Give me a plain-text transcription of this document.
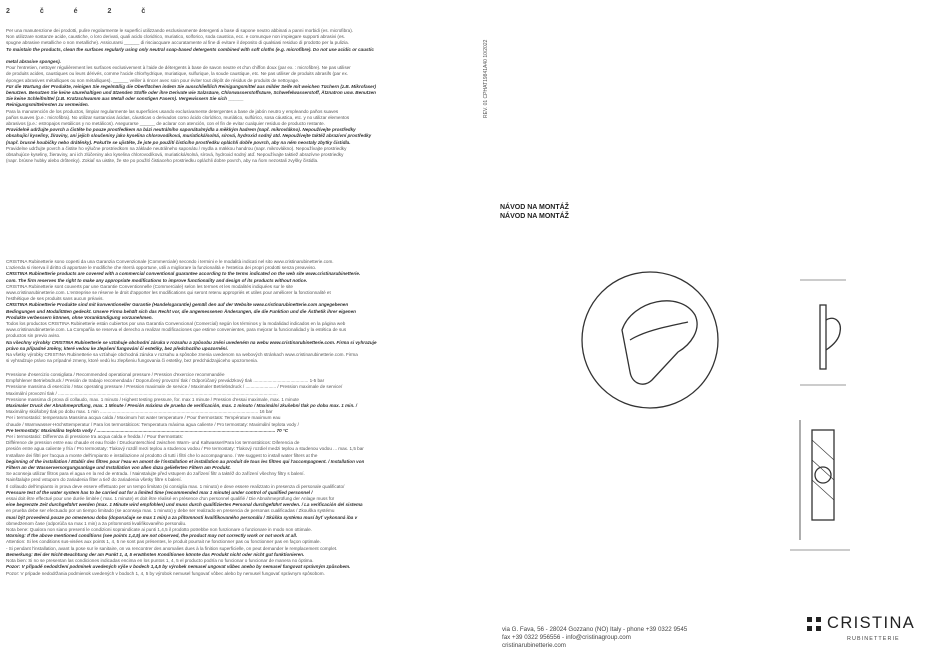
2 č é 2 č

Per una manutenzione dei prodotti, pulire regolarmente le superfici utilizzando esclusivamente detergenti a base di sapone neutro abbinati a panni morbidi (es. microfibra).

Non utilizzare sostanze acide, caustiche, o loro derivati, quali acido cloridrico, muriatico, solforico, soda caustica, ecc. e comunque non impiegare supporti abrasivi (es.

spugne abrasive metalliche o non metalliche). Assicurarsi ______ di risciacquare accuratamente al fine di evitare il deposito di qualsiasi residuo di prodotto per la pulizia.

To maintain the products, clean the surfaces regularly using only neutral soap-based detergents combined with soft cloths (e.g. microfibre). Do not use acidic or caustic

metal abrasive sponges).

Pour l'entretien, nettoyer régulièrement les surfaces exclusivement à l'aide de détergents à base de savon neutre et d'un chiffon doux (par ex. : microfibre). Ne pas utiliser

de produits acides, caustiques ou leurs dérivés, comme l'acide chlorhydrique, muriatique, sulfurique, la soude caustique, etc. Ne pas utiliser de produits abrasifs (par ex.

éponges abrasives métalliques ou non métalliques). ______ veiller à rincer avec soin pour éviter tout dépôt de résidus de produits de nettoyage.

Für die Wartung der Produkte, reinigen Sie regelmäßig die Oberflächen indem Sie ausschließlich Reinigungsmittel aus milder Seife mit weichen Tüchern (z.B. Mikrofaser)

benutzen. Benutzen Sie keine säurehaltigen und ätzenden Stoffe oder ihre Derivate wie Salzsäure, Chlorwasserstoffsäure, Schwefelwasserstoff, Ätznatron usw. Benutzen

Sie keine Schleifmittel (z.B. Kratzschwamm aus Metall oder sonstigen Fasern). Vergewissern Sie sich ______

Reinigungsmittelresten zu vermeiden.

Para la manutención de los productos, limpiar regularmente las superficies usando exclusivamente detergentes a base de jabón neutro y empleando paños suaves

paños suaves (p.e.: microfibra). No utilizar sustancias ácidas, cáusticas o derivados como ácido clorídrico, muriático, sulfúrico, sosa cáustica, etc. y no utilizar elementos

abrasivos (p.e.: estropajos metálicos y no metálicos). Asegurarse ______ de aclarar con atención, con el fin de evitar cualquier residuo de producto restante.

Pravidelně udržujte povrch a čistěte ho pouze prostředkem na bázi neutrálního saponátu/mýdla a měkkým hadrem (např. mikrovlákno). Nepoužívejte prostředky

obsahující kyseliny, žíraviny, ani jejich sloučeniny jako kyselina chlorovodíková, muriatická/solná, sírová, hydroxid sodný atd. Nepoužívejte taktéž abrazivní prostředky

(např. brusné houbičky nebo drátěnky). Pokuťte se ujistěte, že jste po použití čisticího prostředku opláchli dobře povrch, aby na něm neostaly zbytky čistidla.

Pravidelne udržujte povrch a čistite ho výlučne prostriedkom na základe neutrálneho saponátu / mydla a mäkkou handrou (napr. mikrovlákno). Nepoužívajte prostriedky

obsahujúce kyseliny, žieraviny, ani ich zlúčeniny ako kyselina chlorovodíková, muriatická/solná, sírová, hydroxid sodný atď. Nepoužívajte taktiež abrazívne prostriedky

(napr. brúsne hubky alebo drôtenky). Zokiaľ sa uistite, že ste po použití čistiaceho prostriedku opláchli dobre povrch, aby na ňom nezostali zvyšky čistidla.

CRISTINA Rubinetterie sono coperti da una Garanzia Convenzionale (Commerciale) secondo i termini e le modalità indicati nel sito www.cristinarubinetterie.com.

L'azienda si riserva il diritto di apportare le modifiche che riterrà opportune, utili a migliorare la funzionalità e l'estetica dei propri prodotti senza preavviso.

CRISTINA Rubinetterie products are covered with a commercial conventional guarantee according to the terms indicated on the web site www.cristinarubinetterie.

com. The firm reserves the right to make any appropriate modifications to improve functionality and design of its products without notice.

CRISTINA Rubinetterie sont couverts par une Garantie Conventionnelle (Commerciale) selon les termes et les modalités indiquées sur le site

www.cristinarubinetterie.com. L'entreprise se réserve le droit d'apporter les modifications qui seront retenu appropriés et utiles pour améliorer la fonctionnalité et

l'esthétique de ses produits sans aucun préavis.

CRISTINA Rubinetterie Produkte sind mit konventioneller Garantie (Handelsgarantie) gemäß den auf der Website www.cristinarubinetterie.com angegebenen

Bedingungen und Modalitäten gedeckt. Unsere Firma behält sich das Recht vor, die angemessenen Änderungen, die die Funktion und die Ästhetik ihrer eigenen

Produkte verbessern können, ohne Vorankündigung vorzunehmen.

Todos los productos CRISTINA Rubinetterie están cubiertos por una Garantía Convencional (Comercial) según los términos y la modalidad indicados en la página web

www.cristinarubinetterie.com. La Compañía se reserva el derecho a realizar modificaciones que estime convenientes, para mejorar la funcionalidad y la estética de sus

productos sin previo aviso.

Na všechny výrobky CRISTINA Rubinetterie se vztahuje obchodní záruka v rozsahu a způsobu zněni uvedeném na webu www.cristinarubinetterie.com. Firma si vyhrazuje

právo na případné změny, které vedou ke zlepšení fungování či estetiky, bez předchozího upozornění.

Na všetky výrobky CRISTINA Rubinetterie sa vzťahuje obchodná záruka v rozsahu a spôsobe znenia uvedenom na webových stránkach www.cristinarubinetterie.com. Firma

si vyhradzuje právo na prípadné zmeny, ktoré vedú ku zlepšeniu fungovania či estetiky, bez predchádzajúceho upozornenia.

Pressione d'esercizio consigliata / Recommended operational pressure / Pression d'exercice recommandée

Empfohlener Betriebsdruck / Presión de trabajo recomendada / Doporučený provozní tlak / Odporúčaný prevádzkový tlak ........................................... 1-5 bar

Pressione massima di esercizio / Max operating pressure / Pression maximale de service / Maximaler Betriebsdruck / ........................ / Pression maximale de service/

Maximální provozní tlak / ............................................................................................................................................................................

Pressione massima di prova di collaudo, max. 1 minuto / Highest testing pressure, for. max 1 minute / Pression d'essai maximale, max. 1 minute

Maximaler Druck der Abnahmeprüfung, max. 1 Minute / Presión máxima de prueba de verificación, max. 1 minuto / Maximální zkušební tlak po dobu max. 1 min. /

Maximálny skúšobný tlak po dobu max. 1 min ............................................................................................................................ 16 bar

Per i termostatici: temperatura Massima acqua calda / Maximum hot water temperature / Pour thermostats: Température maximum eau

chaude / Warmwasser-Höchsttemperatur / Para los termostáticos: Temperatura máxima agua caliente / Pro termostaty: Maximální teplota vody /

Pre termostaty: Maximálna teplota vody / ............................................................................................................................................ 70 °C

Per i termostatici: Differenza di pressione tra acqua calda e fredda / / Pour thermostats:

Différence de pression entre eau chaude et eau froide / Druckunterschied zwischen Warm- und Kaltwasser/Para los termostáticos: Diferencia de

presión entre agua caliente y fría / Pro termostaty: Tlakový rozdíl mezi teplou a studenou vodou / Pre termostaty: Tlakový rozdiel medzi teplou a studenou vodou ... max. 1,5 bar

Installare dei filtri per l'acqua a monte dell'impianto e installazione al prodotto di tutti i filtri che lo accompagnano. / We suggest to install water filters at the

beginning of the installation / Etablir des filtres pour l'eau en amont de l'installation et installation au produit de tous les filtres qui l'accompagnent. / Installation von

Filtern an der Wasserversorgungsanlage und Installation von allen dazu gelieferten Filtern am Produkt.

Se aconseja utilizar filtros para el agua en la red de entrada. / Nainstalujte před vstupem do zařízení filtr a taktéž do zařízení všechny filtry s balení.

Nainštalujte pred vstupom do zariadenia filter a tiež do zariadenia všetky filtre s balení.

Il collaudo dell'impianto in prova deve essere effettuato per un tempo limitato (si consiglia max. 1 minuto) e deve essere realizzato in presenza di personale qualificato/

Pressure test of the water system has to be carried out for a limited time (recommended max 1 minute) under control of qualified personnel /

essai doit être effectué pour une durée limitée ( max. 1 minute) et doit être réalisé en présence d'un personnel qualifié / Die Abnahmeprüfung der Anlage muss für

eine begrenzte Zeit durchgeführt werden (max. 1 Minute wird empfohlen) und muss durch qualifiziertes Personal durchgeführt werden. / La verificación del sistema

en prueba debe ser efectuado por un tiempo limitado (se aconseja max. 1 minuto) y debe ser realizado en presencia de personas cualificadas / Zkouška systému

musí být provedená pouze po omezenou dobu (doporučuje se max 1 min) a za přítomnosti kvalifikovaného personálu / Skúška systému musí byť vykonaná iba v

obmedzenom čase (odporúča sa max 1 min) a za prítomnosti kvalifikovaného personálu.

Nota bene: Qualora non siano presenti le condizioni sopraindicate ai punti 1,4,5 il prodotto potrebbe non funzionare o funzionare in modo non ottimale.

Warning: If the above mentioned conditions (see points 1,4,5) are not observed, the product may not correctly work or not work at all.

Attention: Si les conditions sus-visées aux points 1, 4, 5 ne sont pas présentes, le produit pourrait ne fonctionner pas ou fonctionner pas en façon optimale.

- Si pendant l'installation, avant la pose sur le sanitaire, on va rencontrer des anomalies dues à la finition superficielle, on peut demander le remplacement complet.

Bemerkung: Bei der Nicht-Beachtung der am Punkt 1, 4, 5 erwähnten Konditionen könnte das Produkt nicht oder nicht gut funktionieren.

Nota bien: Si no se presentan las condiciones indicadas encima en los puntos 1, 4, 5 el producto podría no funcionar o funcionar de manera no óptima.

Pozor: V případě nedodržení podmínek uvedených výše v bodech 1,4,5 by výrobek nemusel ungovat vůbec anebo by nemusel fungovat správným způsobem.

Pozor: V prípade nedodržania podmienok uvedených v bodoch 1, 4, 5 by výrobok nemusel fungovať vôbec alebo by nemusel fungovať správnym spôsobom.

REV. 01 CPHAT19841A40 10/2022
NÁVOD NA MONTÁŽ
NÁVOD NA MONTÁŽ
via G. Fava, 56 - 28024 Gozzano (NO) Italy - phone +39 0322 9545
fax +39 0322 956556 - info@cristinagroup.com
cristinarubinetterie.com
CRISTINA
RUBINETTERIE
